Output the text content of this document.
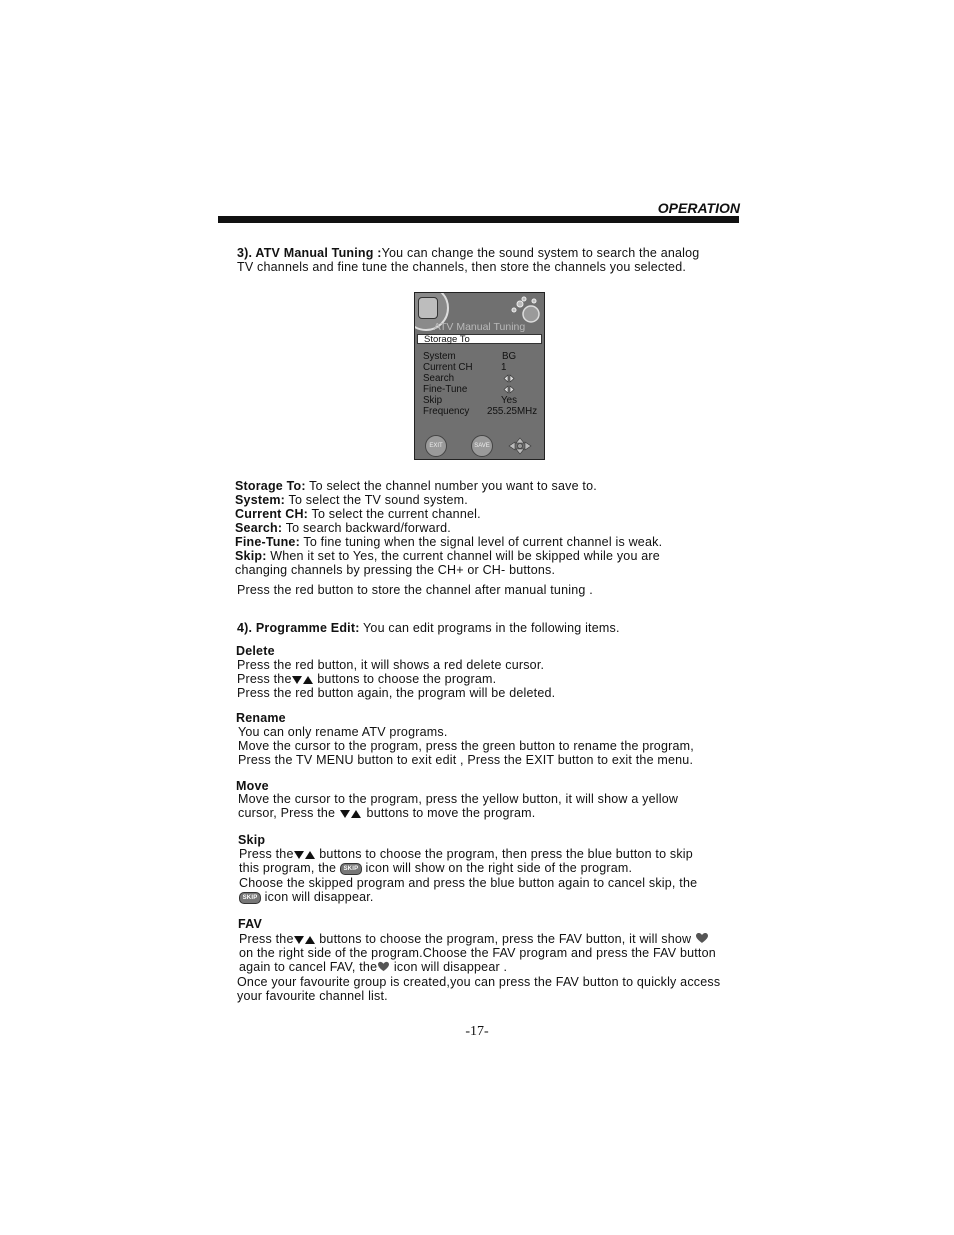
OPERATION
3). ATV Manual Tuning :You can change the sound system to search the analog
TV channels and fine tune the channels, then store the channels you selected.
ATV Manual Tuning
Storage To
System	BG
Current CH	1
Search
Fine-Tune
Skip	Yes
Frequency 255.25MHz
EXIT	SAVE
Storage To: To select the channel number you want to save to.
System: To select the TV sound system.
Current CH: To select the current channel.
Search: To search backward/forward.
Fine-Tune: To fine tuning when the signal level of current channel is weak.
Skip: When it set to Yes, the current channel will be skipped while you are
changing channels by pressing the CH+ or CH- buttons.
Press the red button to store the channel after manual tuning .
4). Programme Edit: You can edit programs in the following items.
Delete
Press the red button, it will shows a red delete cursor.
Press the
buttons to choose the program.
Press the red button again, the program will be deleted.
Rename
You can only rename ATV programs.
Move the cursor to the program, press the green button to rename the program,
Press the TV MENU button to exit edit , Press the EXIT button to exit the menu.
Move
Move the cursor to the program, press the yellow button, it will show a yellow
cursor, Press the
buttons to move the program.
Skip
Press the
buttons to choose the program, then press the blue button to skip
this program, the SKIP icon will show on the right side of the program.
Choose the skipped program and press the blue button again to cancel skip, the
SKIP icon will disappear.
FAV
Press the
buttons to choose the program, press the FAV button, it will show
on the right side of the program.Choose the FAV program and press the FAV button
again to cancel FAV, the icon will disappear .
Once your favourite group is created,you can press the FAV button to quickly access
your favourite channel list.
-17-
